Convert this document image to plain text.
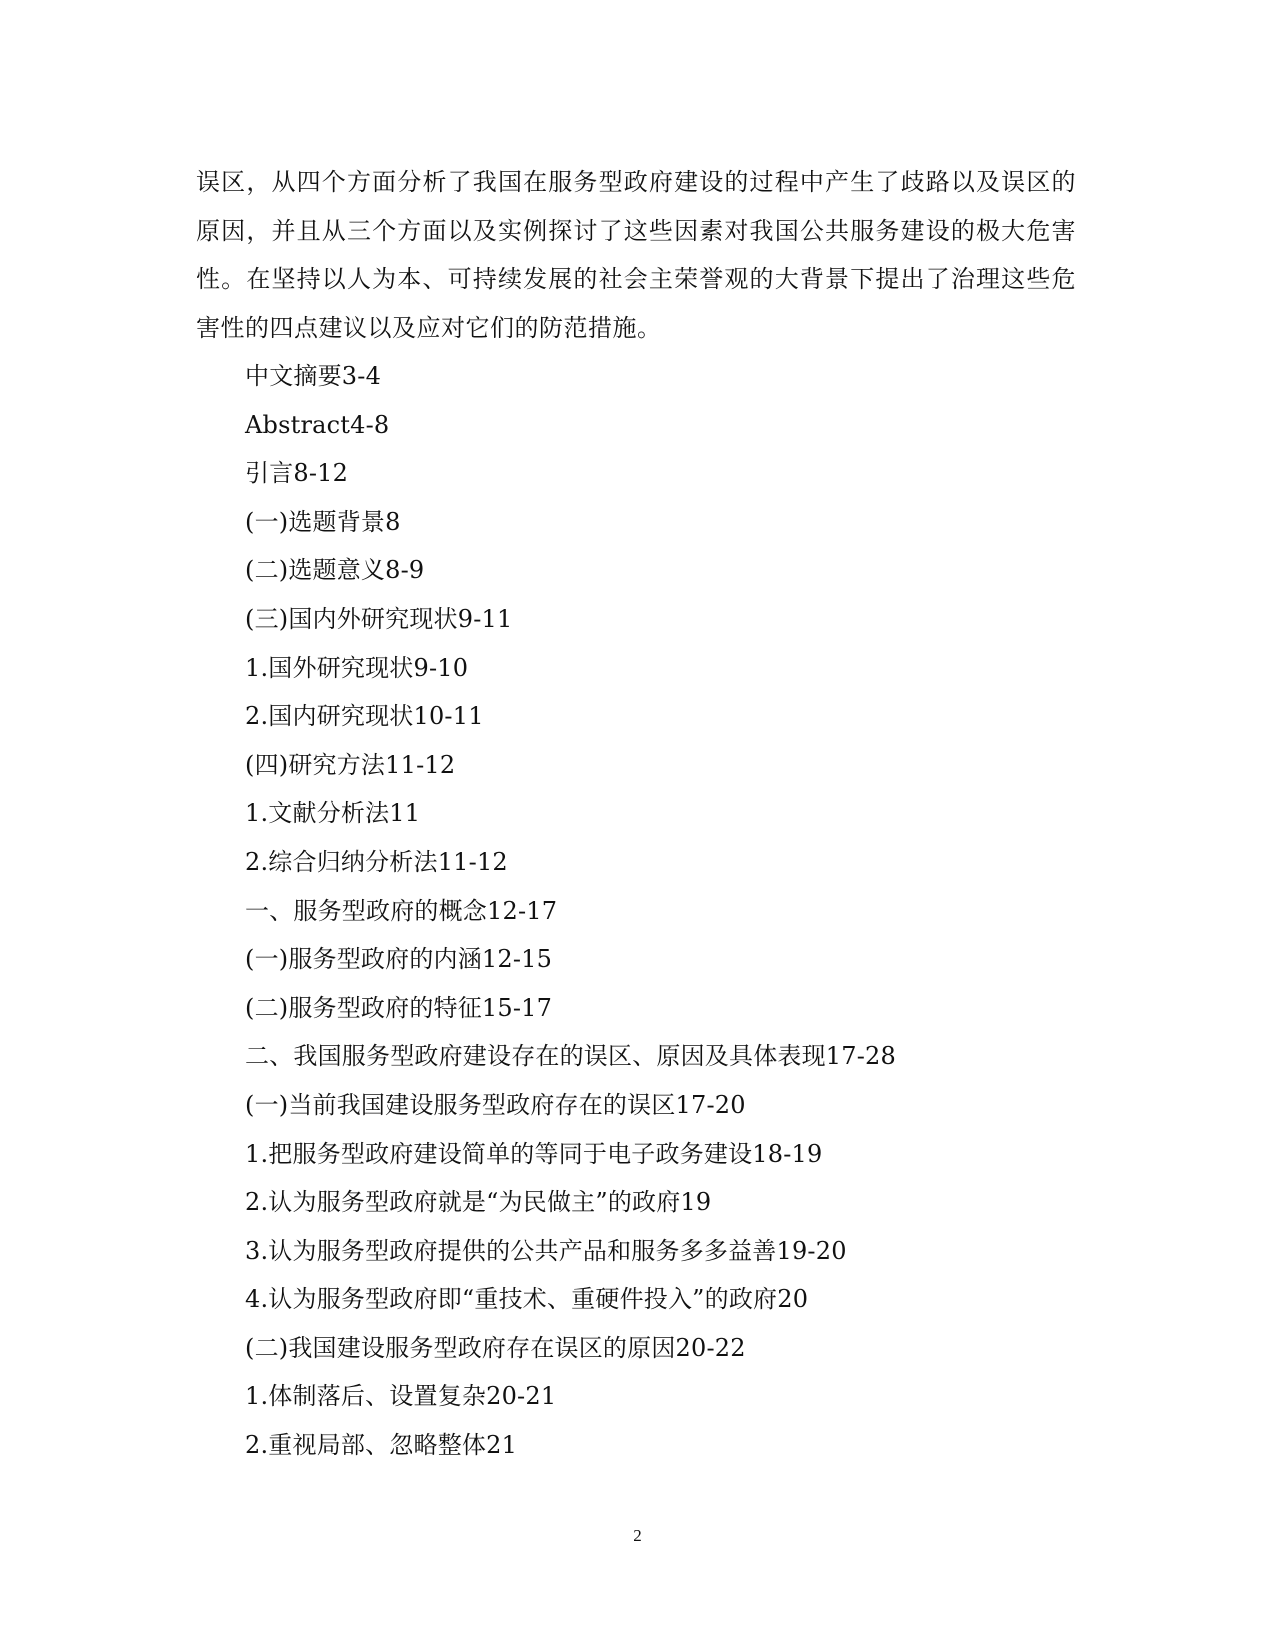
误区，从四个方面分析了我国在服务型政府建设的过程中产生了歧路以及误区的原因，并且从三个方面以及实例探讨了这些因素对我国公共服务建设的极大危害性。在坚持以人为本、可持续发展的社会主荣誉观的大背景下提出了治理这些危害性的四点建议以及应对它们的防范措施。

中文摘要3-4
Abstract4-8
引言8-12
(一)选题背景8
(二)选题意义8-9
(三)国内外研究现状9-11
1.国外研究现状9-10
2.国内研究现状10-11
(四)研究方法11-12
1.文献分析法11
2.综合归纳分析法11-12
一、服务型政府的概念12-17
(一)服务型政府的内涵12-15
(二)服务型政府的特征15-17
二、我国服务型政府建设存在的误区、原因及具体表现17-28
(一)当前我国建设服务型政府存在的误区17-20
1.把服务型政府建设简单的等同于电子政务建设18-19
2.认为服务型政府就是“为民做主”的政府19
3.认为服务型政府提供的公共产品和服务多多益善19-20
4.认为服务型政府即“重技术、重硬件投入”的政府20
(二)我国建设服务型政府存在误区的原因20-22
1.体制落后、设置复杂20-21
2.重视局部、忽略整体21
2
